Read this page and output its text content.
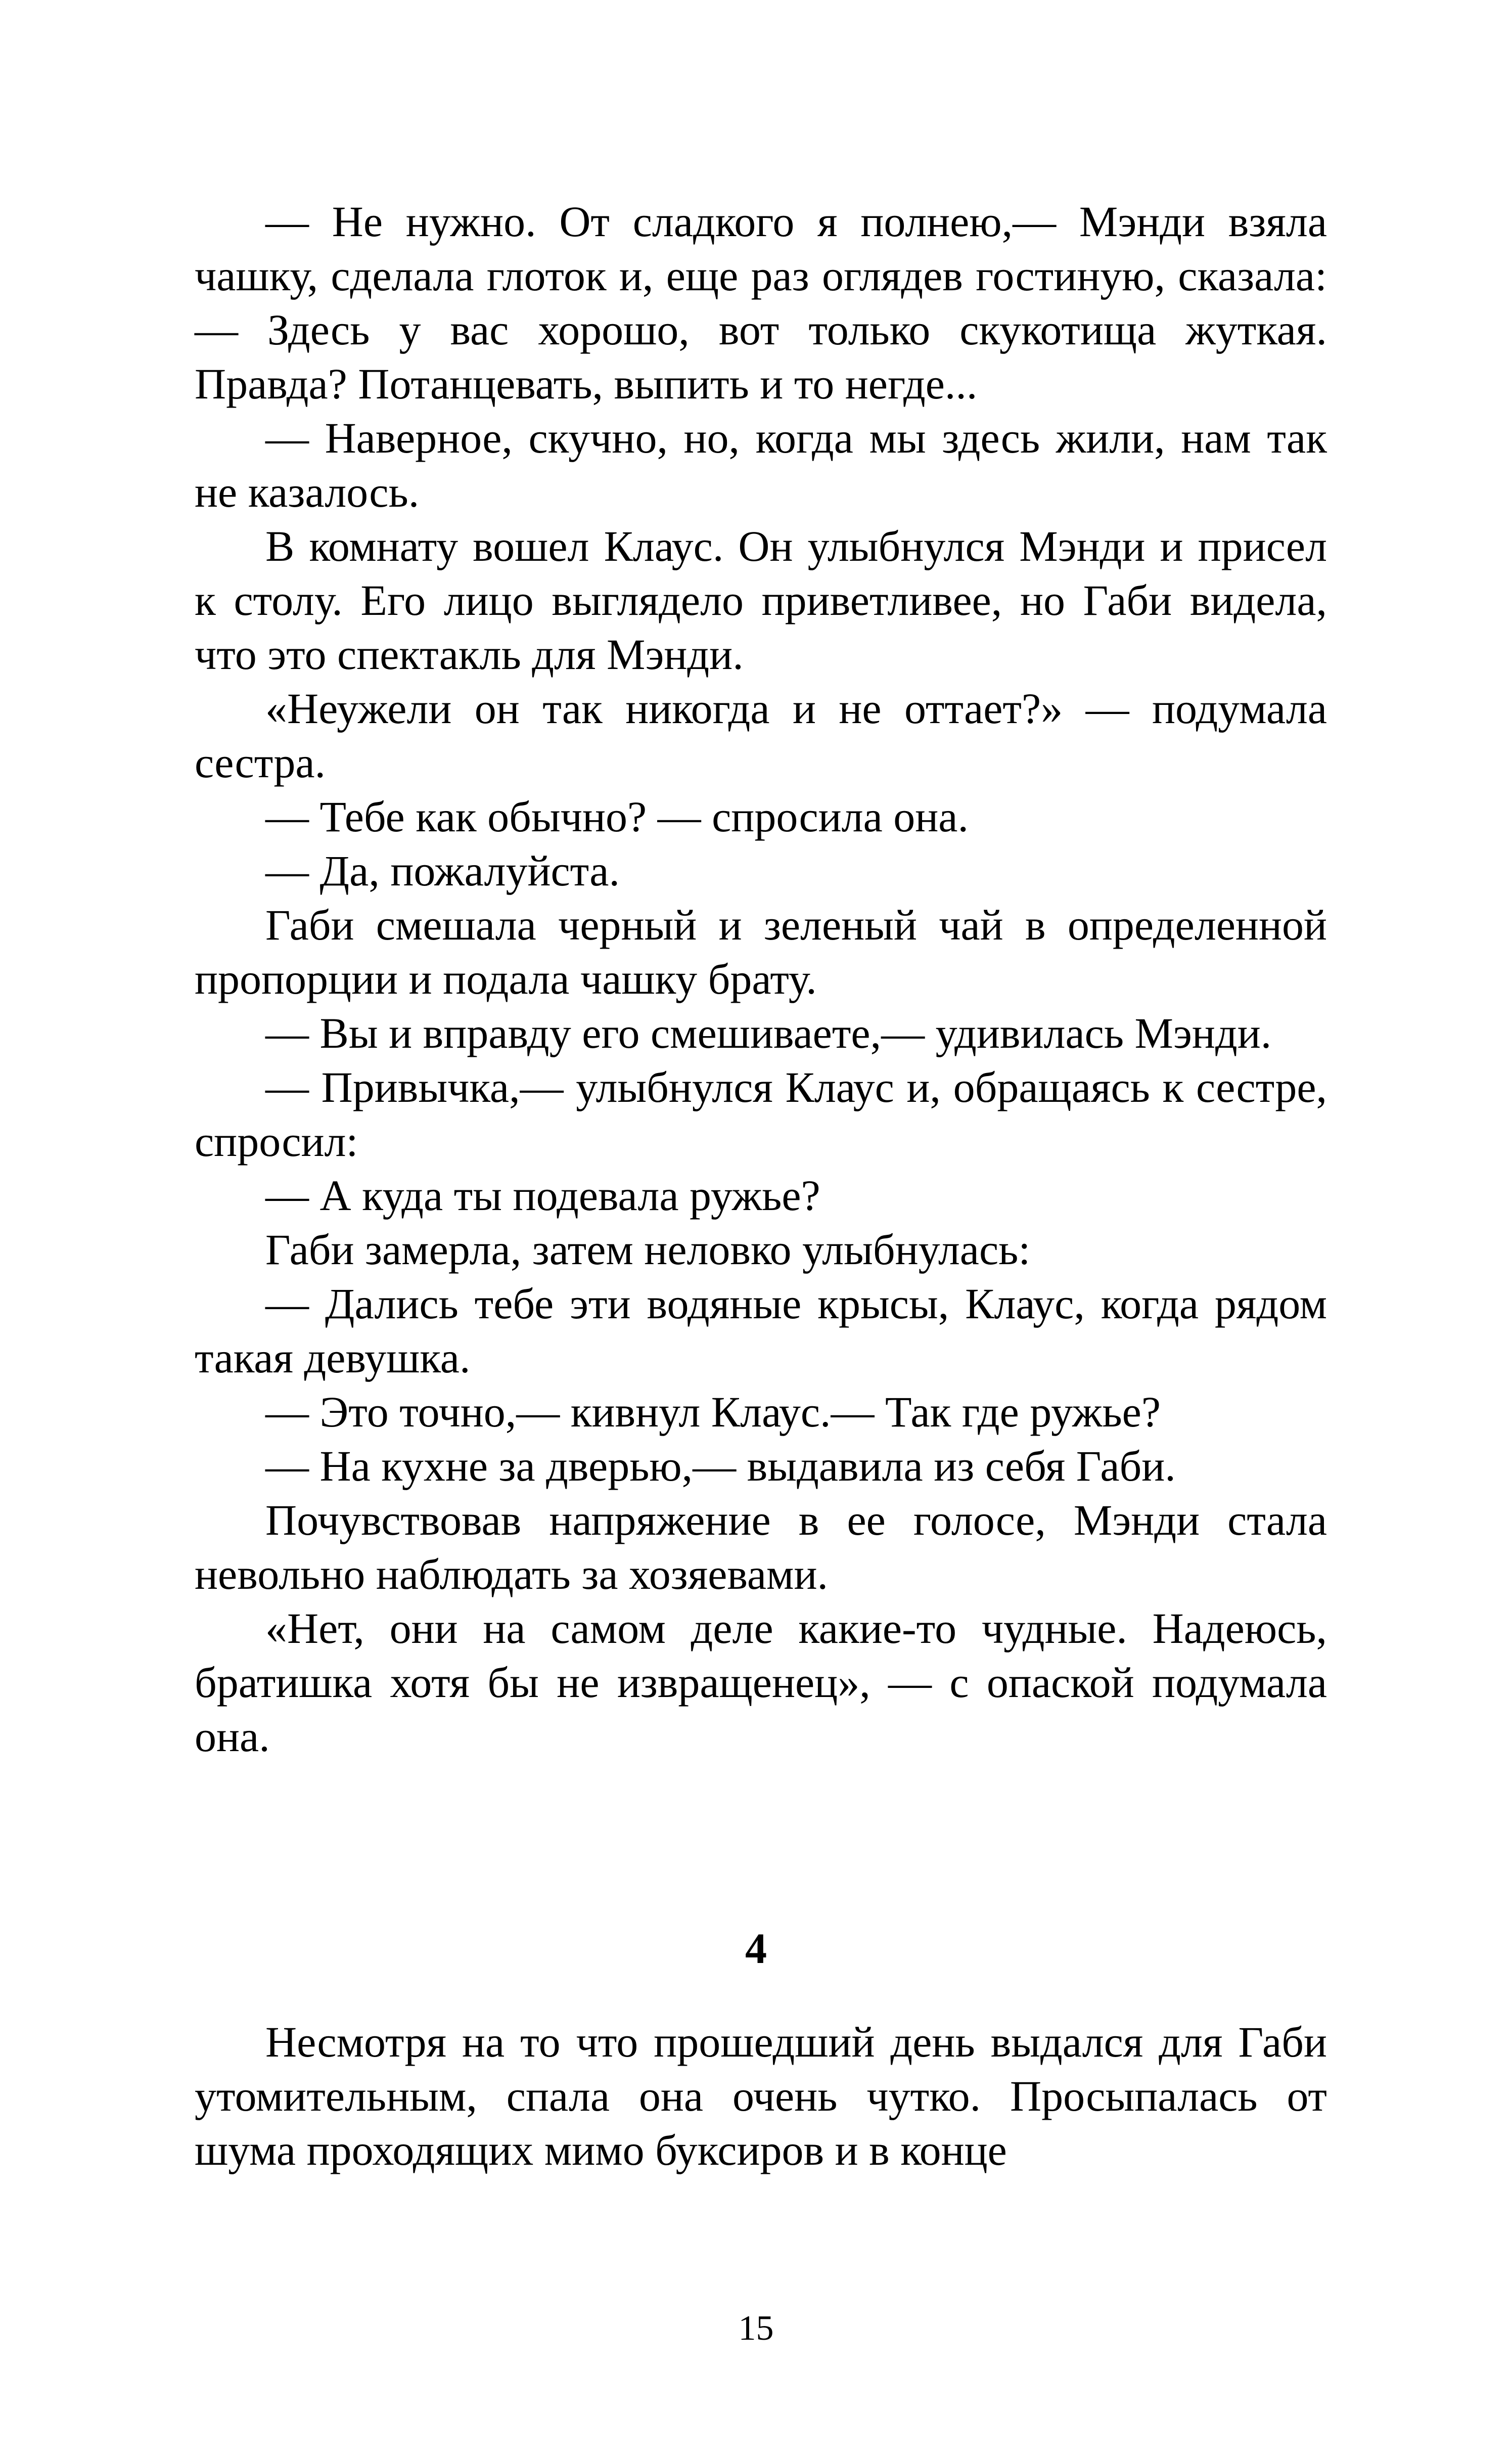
— Не нужно. От сладкого я полнею,— Мэнди взяла чашку, сделала глоток и, еще раз оглядев гостиную, сказала: — Здесь у вас хорошо, вот только скукотища жуткая. Правда? Потанцевать, выпить и то негде...

— Наверное, скучно, но, когда мы здесь жили, нам так не казалось.

В комнату вошел Клаус. Он улыбнулся Мэнди и присел к столу. Его лицо выглядело приветливее, но Габи видела, что это спектакль для Мэнди.

«Неужели он так никогда и не оттает?» — подумала сестра.

— Тебе как обычно? — спросила она.

— Да, пожалуйста.

Габи смешала черный и зеленый чай в определенной пропорции и подала чашку брату.

— Вы и вправду его смешиваете,— удивилась Мэнди.

— Привычка,— улыбнулся Клаус и, обращаясь к сестре, спросил:

— А куда ты подевала ружье?

Габи замерла, затем неловко улыбнулась:

— Дались тебе эти водяные крысы, Клаус, когда рядом такая девушка.

— Это точно,— кивнул Клаус.— Так где ружье?

— На кухне за дверью,— выдавила из себя Габи.

Почувствовав напряжение в ее голосе, Мэнди стала невольно наблюдать за хозяевами.

«Нет, они на самом деле какие-то чудные. Надеюсь, братишка хотя бы не извращенец», — с опаской подумала она.

4

Несмотря на то что прошедший день выдался для Габи утомительным, спала она очень чутко. Просыпалась от шума проходящих мимо буксиров и в конце

15
